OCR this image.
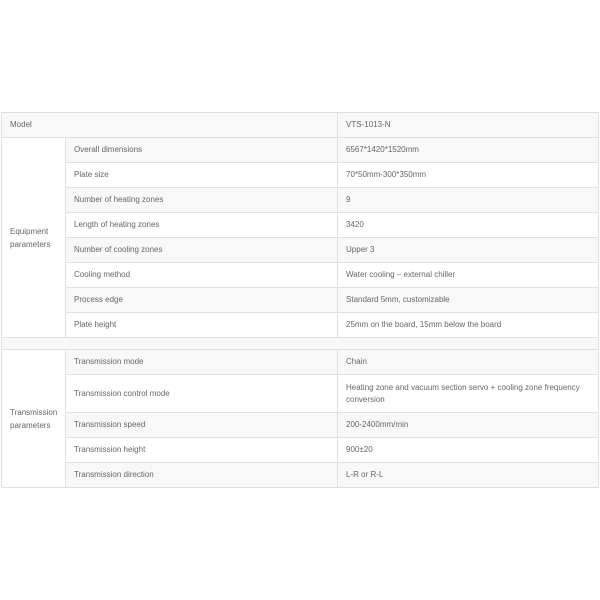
Model		VTS-1013-N
Equipment parameters	Overall dimensions	6567*1420*1520mm
	Plate size	70*50mm-300*350mm
	Number of heating zones	9
	Length of heating zones	3420
	Number of cooling zones	Upper 3
	Cooling method	Water cooling – external chiller
	Process edge	Standard 5mm, customizable
	Plate height	25mm on the board, 15mm below the board

Transmission parameters	Transmission mode	Chain
	Transmission control mode	Heating zone and vacuum section servo + cooling zone frequency conversion
	Transmission speed	200-2400mm/min
	Transmission height	900±20
	Transmission direction	L-R or R-L
